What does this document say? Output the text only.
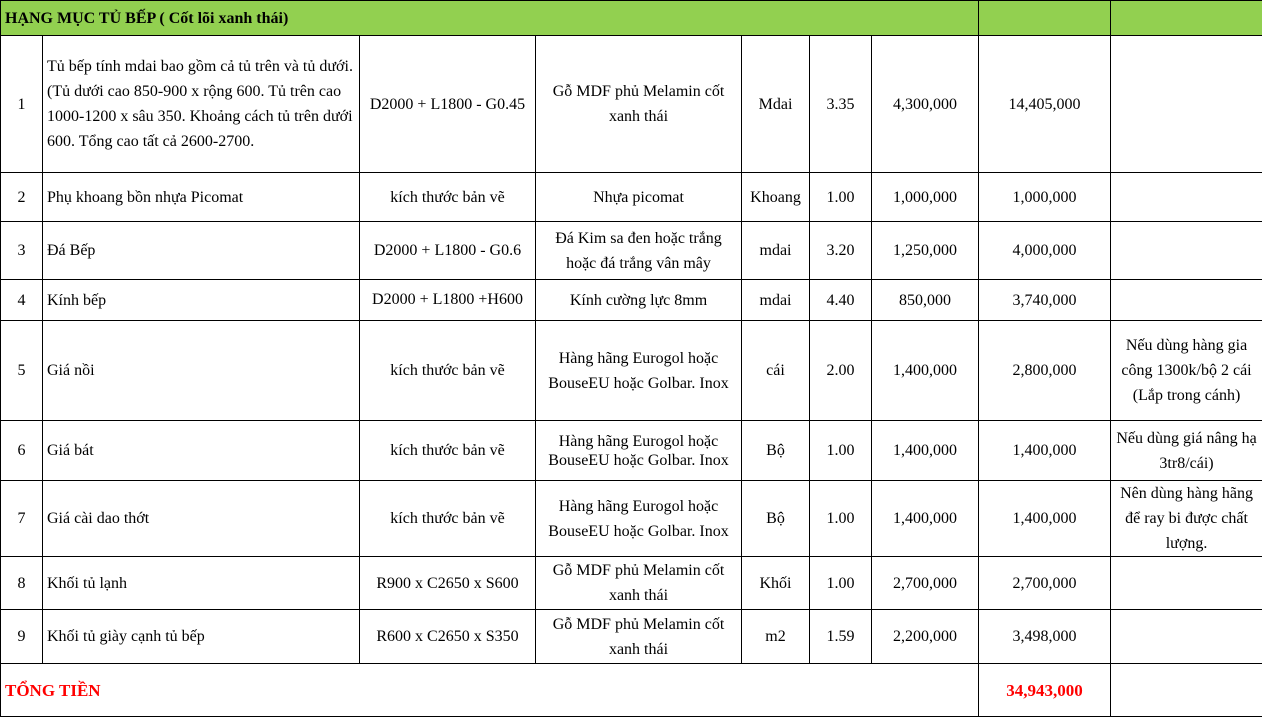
HẠNG MỤC TỦ BẾP ( Cốt lõi xanh thái)								
1	Tủ bếp tính mdai bao gồm cả tủ trên và tủ dưới. (Tủ dưới cao 850-900 x rộng 600. Tủ trên cao 1000-1200 x sâu 350. Khoảng cách tủ trên dưới 600. Tổng cao tất cả 2600-2700.	D2000 + L1800 - G0.45	Gỗ MDF phủ Melamin cốt xanh thái	Mdai	3.35	4,300,000	14,405,000	
2	Phụ khoang bồn nhựa Picomat	kích thước bản vẽ	Nhựa picomat	Khoang	1.00	1,000,000	1,000,000	
3	Đá Bếp	D2000 + L1800 - G0.6	Đá Kim sa đen hoặc trắng hoặc đá trắng vân mây	mdai	3.20	1,250,000	4,000,000	
4	Kính bếp	D2000 + L1800 +H600	Kính cường lực 8mm	mdai	4.40	850,000	3,740,000	
5	Giá nồi	kích thước bản vẽ	Hàng hãng Eurogol hoặc BouseEU hoặc Golbar. Inox	cái	2.00	1,400,000	2,800,000	Nếu dùng hàng gia công 1300k/bộ 2 cái (Lắp trong cánh)
6	Giá bát	kích thước bản vẽ	Hàng hãng Eurogol hoặc BouseEU hoặc Golbar. Inox	Bộ	1.00	1,400,000	1,400,000	Nếu dùng giá nâng hạ 3tr8/cái)
7	Giá cài dao thớt	kích thước bản vẽ	Hàng hãng Eurogol hoặc BouseEU hoặc Golbar. Inox	Bộ	1.00	1,400,000	1,400,000	Nên dùng hàng hãng để ray bi được chất lượng.
8	Khối tủ lạnh	R900 x C2650 x S600	Gỗ MDF phủ Melamin cốt xanh thái	Khối	1.00	2,700,000	2,700,000	
9	Khối tủ giày cạnh tủ bếp	R600 x C2650 x S350	Gỗ MDF phủ Melamin cốt xanh thái	m2	1.59	2,200,000	3,498,000	
TỔNG TIỀN							34,943,000	
